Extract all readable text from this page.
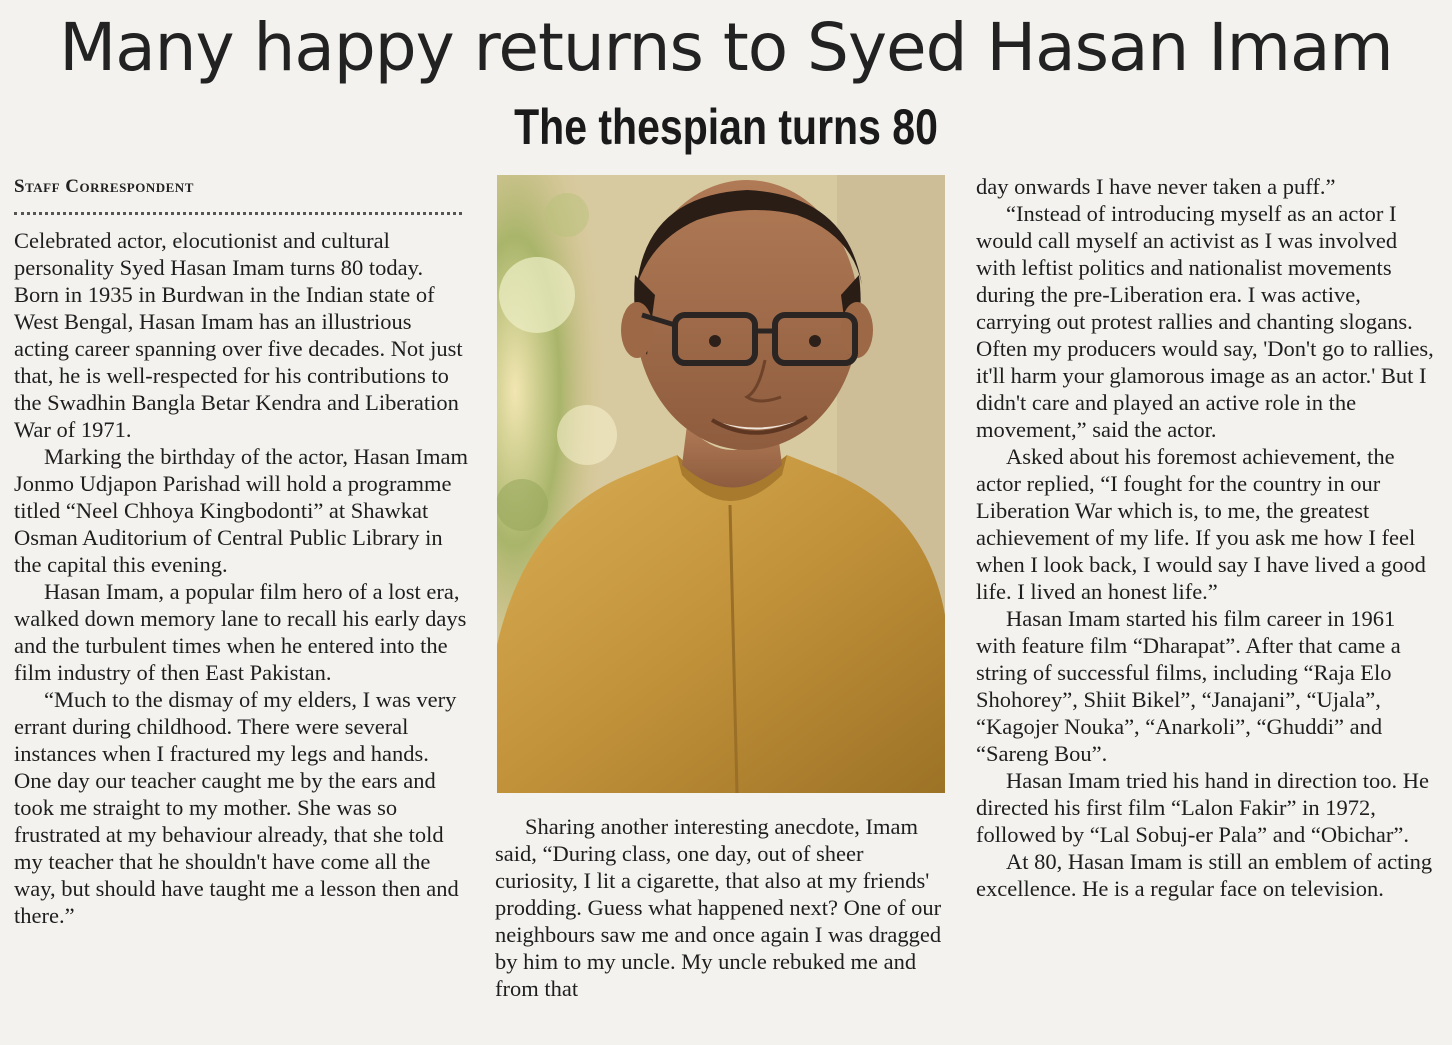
Many happy returns to Syed Hasan Imam
The thespian turns 80
Staff Correspondent

Celebrated actor, elocutionist and cultural personality Syed Hasan Imam turns 80 today. Born in 1935 in Burdwan in the Indian state of West Bengal, Hasan Imam has an illustrious acting career spanning over five decades. Not just that, he is well-respected for his contributions to the Swadhin Bangla Betar Kendra and Liberation War of 1971.

Marking the birthday of the actor, Hasan Imam Jonmo Udjapon Parishad will hold a programme titled “Neel Chhoya Kingbodonti” at Shawkat Osman Auditorium of Central Public Library in the capital this evening.

Hasan Imam, a popular film hero of a lost era, walked down memory lane to recall his early days and the turbulent times when he entered into the film industry of then East Pakistan.

“Much to the dismay of my elders, I was very errant during childhood. There were several instances when I fractured my legs and hands. One day our teacher caught me by the ears and took me straight to my mother. She was so frustrated at my behaviour already, that she told my teacher that he shouldn't have come all the way, but should have taught me a lesson then and there.”

Sharing another interesting anecdote, Imam said, “During class, one day, out of sheer curiosity, I lit a cigarette, that also at my friends' prodding. Guess what happened next? One of our neighbours saw me and once again I was dragged by him to my uncle. My uncle rebuked me and from that

day onwards I have never taken a puff.”

“Instead of introducing myself as an actor I would call myself an activist as I was involved with leftist politics and nationalist movements during the pre-Liberation era. I was active, carrying out protest rallies and chanting slogans. Often my producers would say, 'Don't go to rallies, it'll harm your glamorous image as an actor.' But I didn't care and played an active role in the movement,” said the actor.

Asked about his foremost achievement, the actor replied, “I fought for the country in our Liberation War which is, to me, the greatest achievement of my life. If you ask me how I feel when I look back, I would say I have lived a good life. I lived an honest life.”

Hasan Imam started his film career in 1961 with feature film “Dharapat”. After that came a string of successful films, including “Raja Elo Shohorey”, Shiit Bikel”, “Janajani”, “Ujala”, “Kagojer Nouka”, “Anarkoli”, “Ghuddi” and “Sareng Bou”.

Hasan Imam tried his hand in direction too. He directed his first film “Lalon Fakir” in 1972, followed by “Lal Sobuj-er Pala” and “Obichar”.

At 80, Hasan Imam is still an emblem of acting excellence. He is a regular face on television.
